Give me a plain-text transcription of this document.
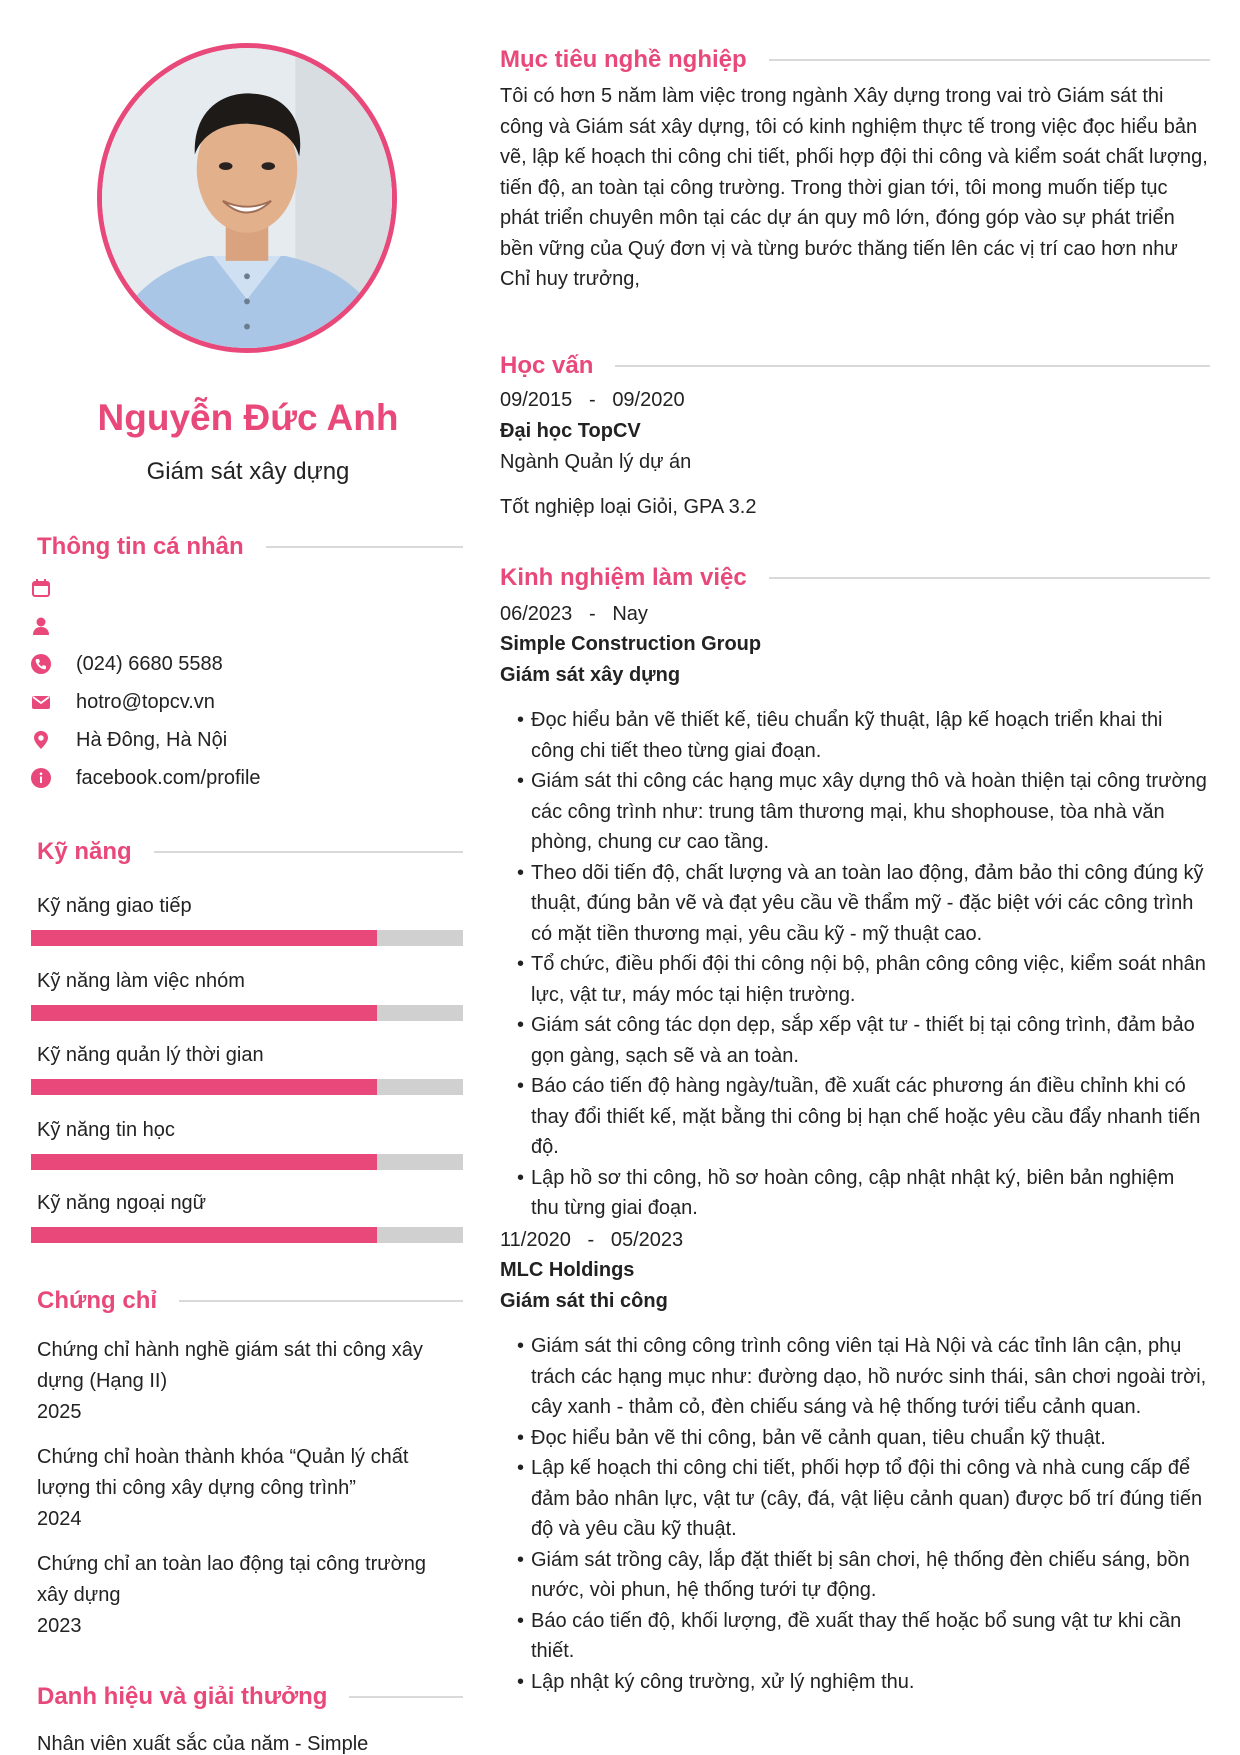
Nguyễn Đức Anh
Giám sát xây dựng
Thông tin cá nhân
(024) 6680 5588
hotro@topcv.vn
Hà Đông, Hà Nội
facebook.com/profile
Kỹ năng
Kỹ năng giao tiếp
Kỹ năng làm việc nhóm
Kỹ năng quản lý thời gian
Kỹ năng tin học
Kỹ năng ngoại ngữ
Chứng chỉ
Chứng chỉ hành nghề giám sát thi công xây dựng (Hạng II)
2025
Chứng chỉ hoàn thành khóa “Quản lý chất lượng thi công xây dựng công trình”
2024
Chứng chỉ an toàn lao động tại công trường xây dựng
2023
Danh hiệu và giải thưởng
Nhân viên xuất sắc của năm - Simple
Mục tiêu nghề nghiệp
Tôi có hơn 5 năm làm việc trong ngành Xây dựng trong vai trò Giám sát thi công và Giám sát xây dựng, tôi có kinh nghiệm thực tế trong việc đọc hiểu bản vẽ, lập kế hoạch thi công chi tiết, phối hợp đội thi công và kiểm soát chất lượng, tiến độ, an toàn tại công trường. Trong thời gian tới, tôi mong muốn tiếp tục phát triển chuyên môn tại các dự án quy mô lớn, đóng góp vào sự phát triển bền vững của Quý đơn vị và từng bước thăng tiến lên các vị trí cao hơn như Chỉ huy trưởng,
Học vấn
09/2015 - 09/2020
Đại học TopCV
Ngành Quản lý dự án
Tốt nghiệp loại Giỏi, GPA 3.2
Kinh nghiệm làm việc
06/2023 - Nay
Simple Construction Group
Giám sát xây dựng
• Đọc hiểu bản vẽ thiết kế, tiêu chuẩn kỹ thuật, lập kế hoạch triển khai thi công chi tiết theo từng giai đoạn.
• Giám sát thi công các hạng mục xây dựng thô và hoàn thiện tại công trường các công trình như: trung tâm thương mại, khu shophouse, tòa nhà văn phòng, chung cư cao tầng.
• Theo dõi tiến độ, chất lượng và an toàn lao động, đảm bảo thi công đúng kỹ thuật, đúng bản vẽ và đạt yêu cầu về thẩm mỹ - đặc biệt với các công trình có mặt tiền thương mại, yêu cầu kỹ - mỹ thuật cao.
• Tổ chức, điều phối đội thi công nội bộ, phân công công việc, kiểm soát nhân lực, vật tư, máy móc tại hiện trường.
• Giám sát công tác dọn dẹp, sắp xếp vật tư - thiết bị tại công trình, đảm bảo gọn gàng, sạch sẽ và an toàn.
• Báo cáo tiến độ hàng ngày/tuần, đề xuất các phương án điều chỉnh khi có thay đổi thiết kế, mặt bằng thi công bị hạn chế hoặc yêu cầu đẩy nhanh tiến độ.
• Lập hồ sơ thi công, hồ sơ hoàn công, cập nhật nhật ký, biên bản nghiệm thu từng giai đoạn.
11/2020 - 05/2023
MLC Holdings
Giám sát thi công
• Giám sát thi công công trình công viên tại Hà Nội và các tỉnh lân cận, phụ trách các hạng mục như: đường dạo, hồ nước sinh thái, sân chơi ngoài trời, cây xanh - thảm cỏ, đèn chiếu sáng và hệ thống tưới tiểu cảnh quan.
• Đọc hiểu bản vẽ thi công, bản vẽ cảnh quan, tiêu chuẩn kỹ thuật.
• Lập kế hoạch thi công chi tiết, phối hợp tổ đội thi công và nhà cung cấp để đảm bảo nhân lực, vật tư (cây, đá, vật liệu cảnh quan) được bố trí đúng tiến độ và yêu cầu kỹ thuật.
• Giám sát trồng cây, lắp đặt thiết bị sân chơi, hệ thống đèn chiếu sáng, bồn nước, vòi phun, hệ thống tưới tự động.
• Báo cáo tiến độ, khối lượng, đề xuất thay thế hoặc bổ sung vật tư khi cần thiết.
• Lập nhật ký công trường, xử lý nghiệm thu.
